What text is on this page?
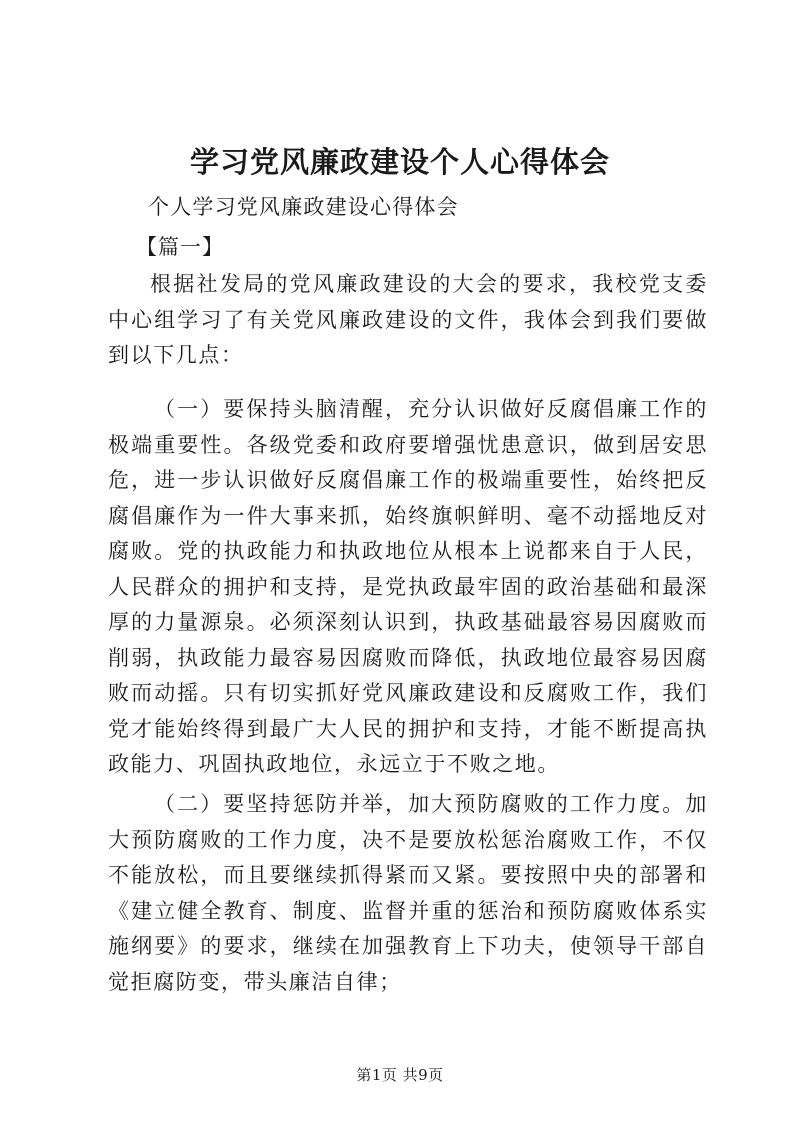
学习党风廉政建设个人心得体会
个人学习党风廉政建设心得体会
【篇一】

根据社发局的党风廉政建设的大会的要求，我校党支委中心组学习了有关党风廉政建设的文件，我体会到我们要做到以下几点：

（一）要保持头脑清醒，充分认识做好反腐倡廉工作的极端重要性。各级党委和政府要增强忧患意识，做到居安思危，进一步认识做好反腐倡廉工作的极端重要性，始终把反腐倡廉作为一件大事来抓，始终旗帜鲜明、毫不动摇地反对腐败。党的执政能力和执政地位从根本上说都来自于人民，人民群众的拥护和支持，是党执政最牢固的政治基础和最深厚的力量源泉。必须深刻认识到，执政基础最容易因腐败而削弱，执政能力最容易因腐败而降低，执政地位最容易因腐败而动摇。只有切实抓好党风廉政建设和反腐败工作，我们党才能始终得到最广大人民的拥护和支持，才能不断提高执政能力、巩固执政地位，永远立于不败之地。

（二）要坚持惩防并举，加大预防腐败的工作力度。加大预防腐败的工作力度，决不是要放松惩治腐败工作，不仅不能放松，而且要继续抓得紧而又紧。要按照中央的部署和《建立健全教育、制度、监督并重的惩治和预防腐败体系实施纲要》的要求，继续在加强教育上下功夫，使领导干部自觉拒腐防变，带头廉洁自律；

第1页 共9页
